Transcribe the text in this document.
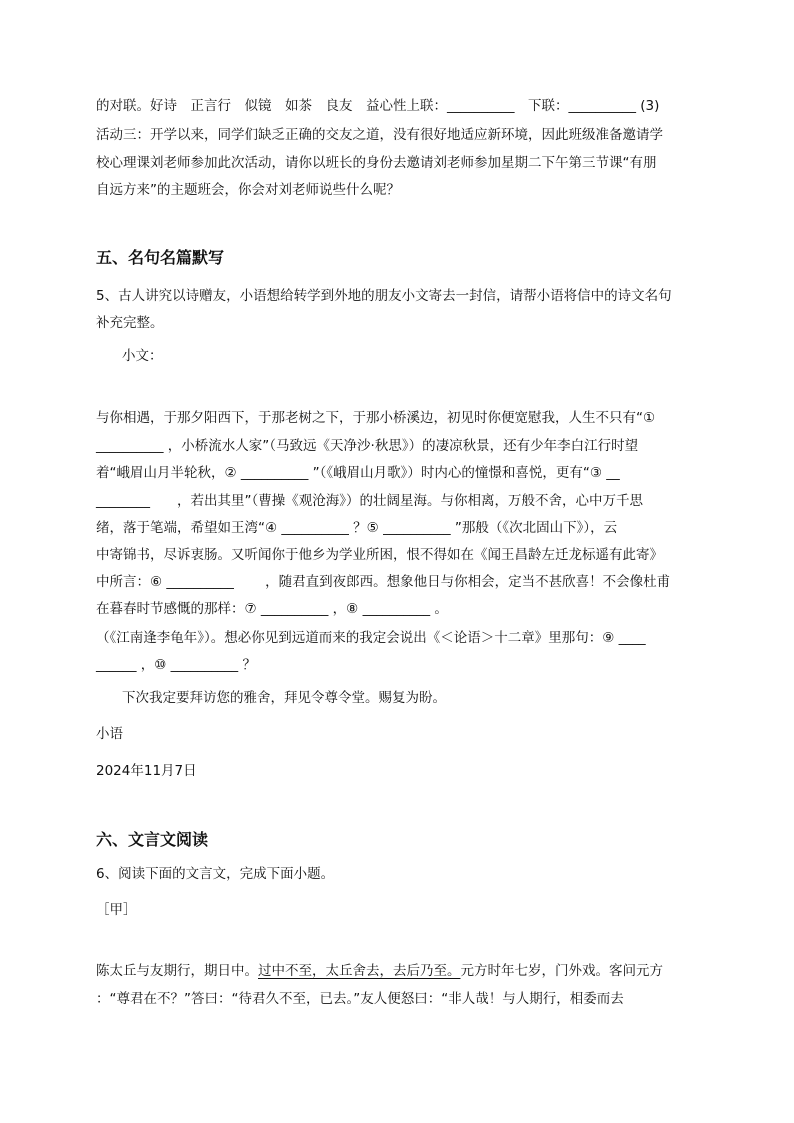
的对联。好诗　正言行　似镜　如茶　良友　益心性上联：__________　下联：__________ (3)
活动三：开学以来，同学们缺乏正确的交友之道，没有很好地适应新环境，因此班级准备邀请学
校心理课刘老师参加此次活动，请你以班长的身份去邀请刘老师参加星期二下午第三节课“有朋
自远方来”的主题班会，你会对刘老师说些什么呢？
五、名句名篇默写
5、古人讲究以诗赠友，小语想给转学到外地的朋友小文寄去一封信，请帮小语将信中的诗文名句
补充完整。
小文：
与你相遇，于那夕阳西下，于那老树之下，于那小桥溪边，初见时你便宽慰我，人生不只有“①
__________ ，小桥流水人家”（马致远《天净沙·秋思》）的凄凉秋景，还有少年李白江行时望
着“峨眉山月半轮秋，② __________ ”（《峨眉山月歌》）时内心的憧憬和喜悦，更有“③ __
________　　，若出其里”（曹操《观沧海》）的壮阔星海。与你相离，万般不舍，心中万千思
绪，落于笔端，希望如王湾“④ __________ ？⑤ __________ ”那般（《次北固山下》），云
中寄锦书，尽诉衷肠。又听闻你于他乡为学业所困，恨不得如在《闻王昌龄左迁龙标遥有此寄》
中所言：⑥ __________ 　　，随君直到夜郎西。想象他日与你相会，定当不甚欣喜！不会像杜甫
在暮春时节感慨的那样：⑦ __________ ，⑧ __________ 。
（《江南逢李龟年》）。想必你见到远道而来的我定会说出《＜论语＞十二章》里那句：⑨ ____
______ ，⑩ __________ ？
下次我定要拜访您的雅舍，拜见令尊令堂。赐复为盼。
小语
2024年11月7日
六、文言文阅读
6、阅读下面的文言文，完成下面小题。
［甲］
陈太丘与友期行，期日中。过中不至，太丘舍去，去后乃至。元方时年七岁，门外戏。客问元方
：“尊君在不？”答曰：“待君久不至，已去。”友人便怒曰：“非人哉！与人期行，相委而去
